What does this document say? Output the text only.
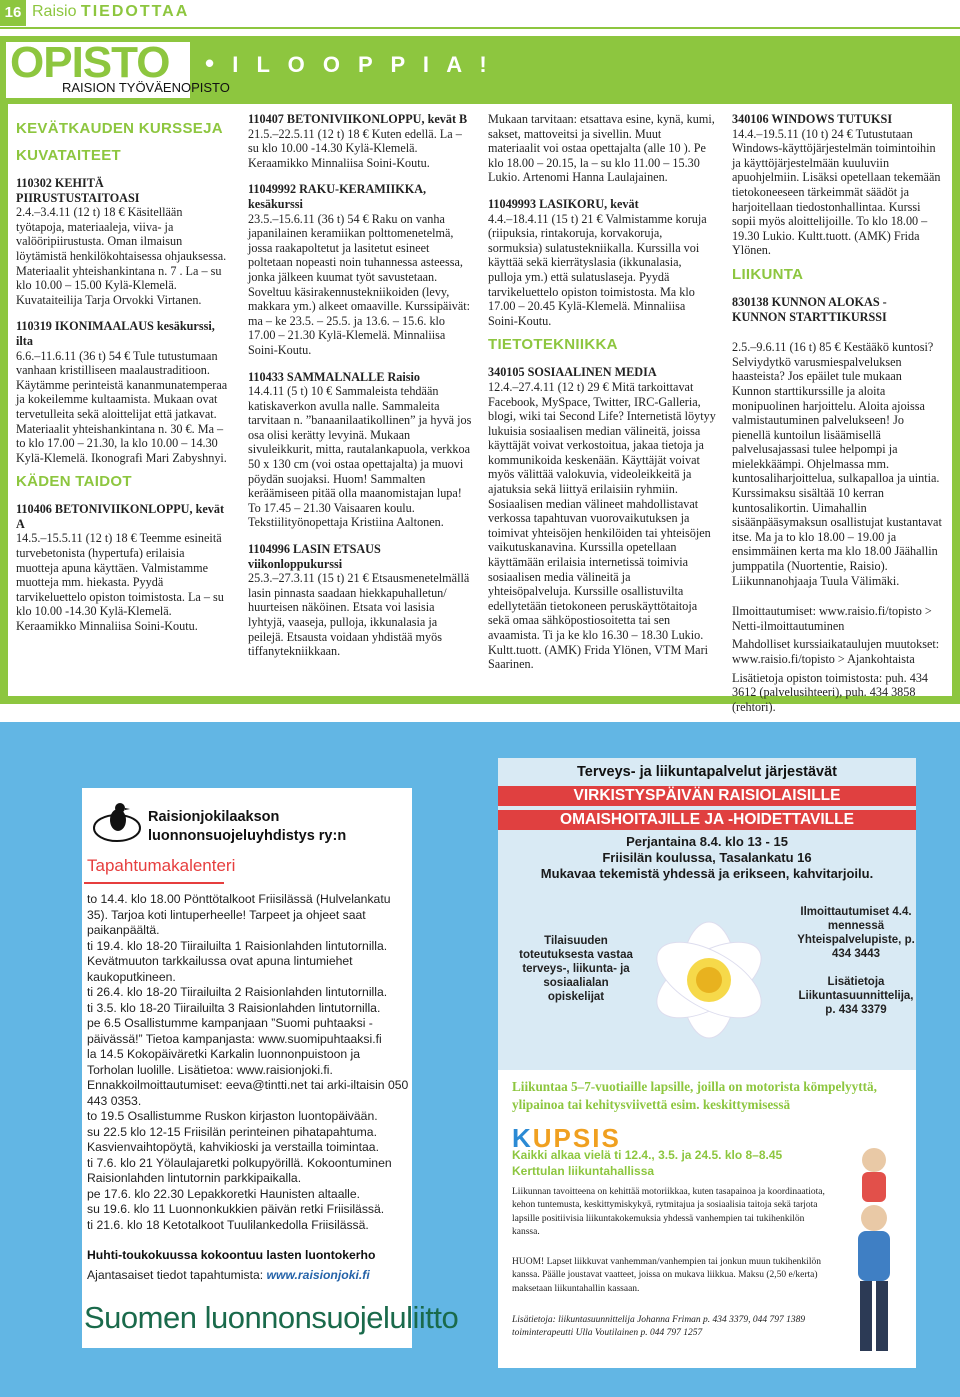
16 Raisio TIEDOTTAA
OPISTO
RAISION TYÖVÄENOPISTO
• I L O O P P I A !

KEVÄTKAUDEN KURSSEJA

KUVATAITEET

110302 KEHITÄ PIIRUSTUSTAITOASI

2.4.–3.4.11 (12 t) 18 € Käsitellään työtapoja, materiaaleja, viiva- ja valööripiirustusta. Oman ilmaisun löytämistä henkilökohtaisessa ohjauksessa. Materiaalit yhteishankintana n. 7 . La – su klo 10.00 – 15.00 Kylä-Klemelä. Kuvataiteilija Tarja Orvokki Virtanen.

110319 IKONIMAALAUS kesäkurssi, ilta

6.6.–11.6.11 (36 t) 54 € Tule tutustumaan vanhaan kristilliseen maalaustraditioon. Käytämme perinteistä kananmunatemperaa ja kokeilemme kultaamista. Mukaan ovat tervetulleita sekä aloittelijat että jatkavat. Materiaalit yhteishankintana n. 30 €. Ma – to klo 17.00 – 21.30, la klo 10.00 – 14.30 Kylä-Klemelä. Ikonografi Mari Zabyshnyi.

KÄDEN TAIDOT

110406 BETONIVIIKONLOPPU, kevät A

14.5.–15.5.11 (12 t) 18 € Teemme esineitä turvebetonista (hypertufa) erilaisia muotteja apuna käyttäen. Valmistamme muotteja mm. hiekasta. Pyydä tarvikeluettelo opiston toimistosta. La – su klo 10.00 -14.30 Kylä-Klemelä. Keraamikko Minnaliisa Soini-Koutu.

110407 BETONIVIIKONLOPPU, kevät B

21.5.–22.5.11 (12 t) 18 € Kuten edellä. La – su klo 10.00 -14.30 Kylä-Klemelä. Keraamikko Minnaliisa Soini-Koutu.

11049992 RAKU-KERAMIIKKA, kesäkurssi

23.5.–15.6.11 (36 t) 54 € Raku on vanha japanilainen keramiikan polttomenetelmä, jossa raakapoltetut ja lasitetut esineet poltetaan nopeasti noin tuhannessa asteessa, jonka jälkeen kuumat työt savustetaan. Soveltuu käsirakennustekniikoiden (levy, makkara ym.) alkeet omaaville. Kurssipäivät: ma – ke 23.5. – 25.5. ja 13.6. – 15.6. klo 17.00 – 21.30 Kylä-Klemelä. Minnaliisa Soini-Koutu.

110433 SAMMALNALLE Raisio

14.4.11 (5 t) 10 € Sammaleista tehdään katiskaverkon avulla nalle. Sammaleita tarvitaan n. ”banaanilaatikollinen” ja hyvä jos osa olisi kerätty levyinä. Mukaan sivuleikkurit, mitta, rautalankapuola, verkkoa 50 x 130 cm (voi ostaa opettajalta) ja muovi pöydän suojaksi. Huom! Sammalten keräämiseen pitää olla maanomistajan lupa! To 17.45 – 21.30 Vaisaaren koulu. Tekstiilityönopettaja Kristiina Aaltonen.

1104996 LASIN ETSAUS viikonloppukurssi

25.3.–27.3.11 (15 t) 21 € Etsausmenetelmällä lasin pinnasta saadaan hiekkapuhalletun/ huurteisen näköinen. Etsata voi lasisia lyhtyjä, vaaseja, pulloja, ikkunalasia ja peilejä. Etsausta voidaan yhdistää myös tiffanytekniikkaan.

Mukaan tarvitaan: etsattava esine, kynä, kumi, sakset, mattoveitsi ja sivellin. Muut materiaalit voi ostaa opettajalta (alle 10 ). Pe klo 18.00 – 20.15, la – su klo 11.00 – 15.30 Lukio. Artenomi Hanna Laulajainen.

11049993 LASIKORU, kevät

4.4.–18.4.11 (15 t) 21 € Valmistamme koruja (riipuksia, rintakoruja, korvakoruja, sormuksia) sulatustekniikalla. Kurssilla voi käyttää sekä kierrätyslasia (ikkunalasia, pulloja ym.) että sulatuslaseja. Pyydä tarvikeluettelo opiston toimistosta. Ma klo 17.00 – 20.45 Kylä-Klemelä. Minnaliisa Soini-Koutu.

TIETOTEKNIIKKA

340105 SOSIAALINEN MEDIA

12.4.–27.4.11 (12 t) 29 € Mitä tarkoittavat Facebook, MySpace, Twitter, IRC-Galleria, blogi, wiki tai Second Life? Internetistä löytyy lukuisia sosiaalisen median välineitä, joissa käyttäjät voivat verkostoitua, jakaa tietoja ja kommunikoida keskenään. Käyttäjät voivat myös välittää valokuvia, videoleikkeitä ja ajatuksia sekä liittyä erilaisiin ryhmiin. Sosiaalisen median välineet mahdollistavat verkossa tapahtuvan vuorovaikutuksen ja toimivat yhteisöjen henkilöiden tai yhteisöjen vaikutuskanavina. Kurssilla opetellaan käyttämään erilaisia internetissä toimivia sosiaalisen media välineitä ja yhteisöpalveluja. Kurssille osallistuvilta edellytetään tietokoneen peruskäyttötaitoja sekä omaa sähköpostiosoitetta tai sen avaamista. Ti ja ke klo 16.30 – 18.30 Lukio. Kultt.tuott. (AMK) Frida Ylönen, VTM Mari Saarinen.

340106 WINDOWS TUTUKSI

14.4.–19.5.11 (10 t) 24 € Tutustutaan Windows-käyttöjärjestelmän toimintoihin ja käyttöjärjestelmään kuuluviin apuohjelmiin. Lisäksi opetellaan tekemään tietokoneeseen tärkeimmät säädöt ja harjoitellaan tiedostonhallintaa. Kurssi sopii myös aloittelijoille. To klo 18.00 – 19.30 Lukio. Kultt.tuott. (AMK) Frida Ylönen.

LIIKUNTA

830138 KUNNON ALOKAS - KUNNON STARTTIKURSSI

2.5.–9.6.11 (16 t) 85 € Kestääkö kuntosi? Selviydytkö varusmiespalveluksen haasteista? Jos epäilet tule mukaan Kunnon starttikurssille ja aloita monipuolinen harjoittelu. Aloita ajoissa valmistautuminen palvelukseen! Jo pienellä kuntoilun lisäämisellä palvelusajassasi tulee helpompi ja mielekkäämpi. Ohjelmassa mm. kuntosaliharjoittelua, sulkapalloa ja uintia. Kurssimaksu sisältää 10 kerran kuntosalikortin. Uimahallin sisäänpääsymaksun osallistujat kustantavat itse. Ma ja to klo 18.00 – 19.00 ja ensimmäinen kerta ma klo 18.00 Jäähallin jumppatila (Nuortentie, Raisio). Liikunnanohjaaja Tuula Välimäki.

Ilmoittautumiset: www.raisio.fi/topisto > Netti-ilmoittautuminen

Mahdolliset kurssiaikataulujen muutokset: www.raisio.fi/topisto > Ajankohtaista

Lisätietoja opiston toimistosta: puh. 434 3612 (palvelusihteeri), puh. 434 3858 (rehtori).

Raisionjokilaakson luonnonsuojeluyhdistys ry:n
Tapahtumakalenteri

to 14.4. klo 18.00 Pönttötalkoot Friisilässä (Hulvelankatu 35). Tarjoa koti lintuperheelle! Tarpeet ja ohjeet saat paikanpäältä.

ti 19.4. klo 18-20 Tiirailuilta 1 Raisionlahden lintutornilla. Kevätmuuton tarkkailussa ovat apuna lintumiehet kaukoputkineen.

ti 26.4. klo 18-20 Tiirailuilta 2 Raisionlahden lintutornilla.

ti 3.5. klo 18-20 Tiirailuilta 3 Raisionlahden lintutornilla.

pe 6.5 Osallistumme kampanjaan ”Suomi puhtaaksi - päivässä!” Tietoa kampanjasta: www.suomipuhtaaksi.fi

la 14.5 Kokopäiväretki Karkalin luonnonpuistoon ja Torholan luolille. Lisätietoa: www.raisionjoki.fi. Ennakkoilmoittautumiset: eeva@tintti.net tai arki-iltaisin 050 443 0353.

to 19.5 Osallistumme Ruskon kirjaston luontopäivään.

su 22.5 klo 12-15 Friisilän perinteinen pihatapahtuma. Kasvienvaihtopöytä, kahvikioski ja verstailla toimintaa.

ti 7.6. klo 21 Yölaulajaretki polkupyörillä. Kokoontuminen Raisionlahden lintutornin parkkipaikalla.

pe 17.6. klo 22.30 Lepakkoretki Haunisten altaalle.

su 19.6. klo 11 Luonnonkukkien päivän retki Friisilässä.

ti 21.6. klo 18 Ketotalkoot Tuulilankedolla Friisilässä.

Huhti-toukokuussa kokoontuu lasten luontokerho
Ajantasaiset tiedot tapahtumista: www.raisionjoki.fi
Suomen luonnonsuojeluliitto
Terveys- ja liikuntapalvelut järjestävät
VIRKISTYSPÄIVÄN RAISIOLAISILLE
OMAISHOITAJILLE JA -HOIDETTAVILLE
Perjantaina 8.4. klo 13 - 15
Friisilän koulussa, Tasalankatu 16
Mukavaa tekemistä yhdessä ja erikseen, kahvitarjoilu.
Tilaisuuden toteutuksesta vastaa terveys-, liikunta- ja sosiaalialan opiskelijat
Ilmoittautumiset 4.4. mennessä Yhteispalvelupiste, p. 434 3443
Lisätietoja Liikuntasuunnittelija, p. 434 3379
Liikuntaa 5–7-vuotiaille lapsille, joilla on motorista kömpelyyttä, ylipainoa tai kehitysviivettä esim. keskittymisessä
KUPSIS
Kaikki alkaa vielä ti 12.4., 3.5. ja 24.5. klo 8–8.45
Kerttulan liikuntahallissa
Liikunnan tavoitteena on kehittää motoriikkaa, kuten tasapainoa ja koordinaatiota, kehon tuntemusta, keskittymiskykyä, rytmitajua ja sosiaalisia taitoja sekä tarjota lapsille positiivisia liikuntakokemuksia yhdessä vanhempien tai tukihenkilön kanssa.
HUOM! Lapset liikkuvat vanhemman/vanhempien tai jonkun muun tukihenkilön kanssa. Päälle joustavat vaatteet, joissa on mukava liikkua. Maksu (2,50 e/kerta) maksetaan liikuntahallin kassaan.
Lisätietoja: liikuntasuunnittelija Johanna Friman p. 434 3379, 044 797 1389 toiminterapeutti Ulla Voutilainen p. 044 797 1257
